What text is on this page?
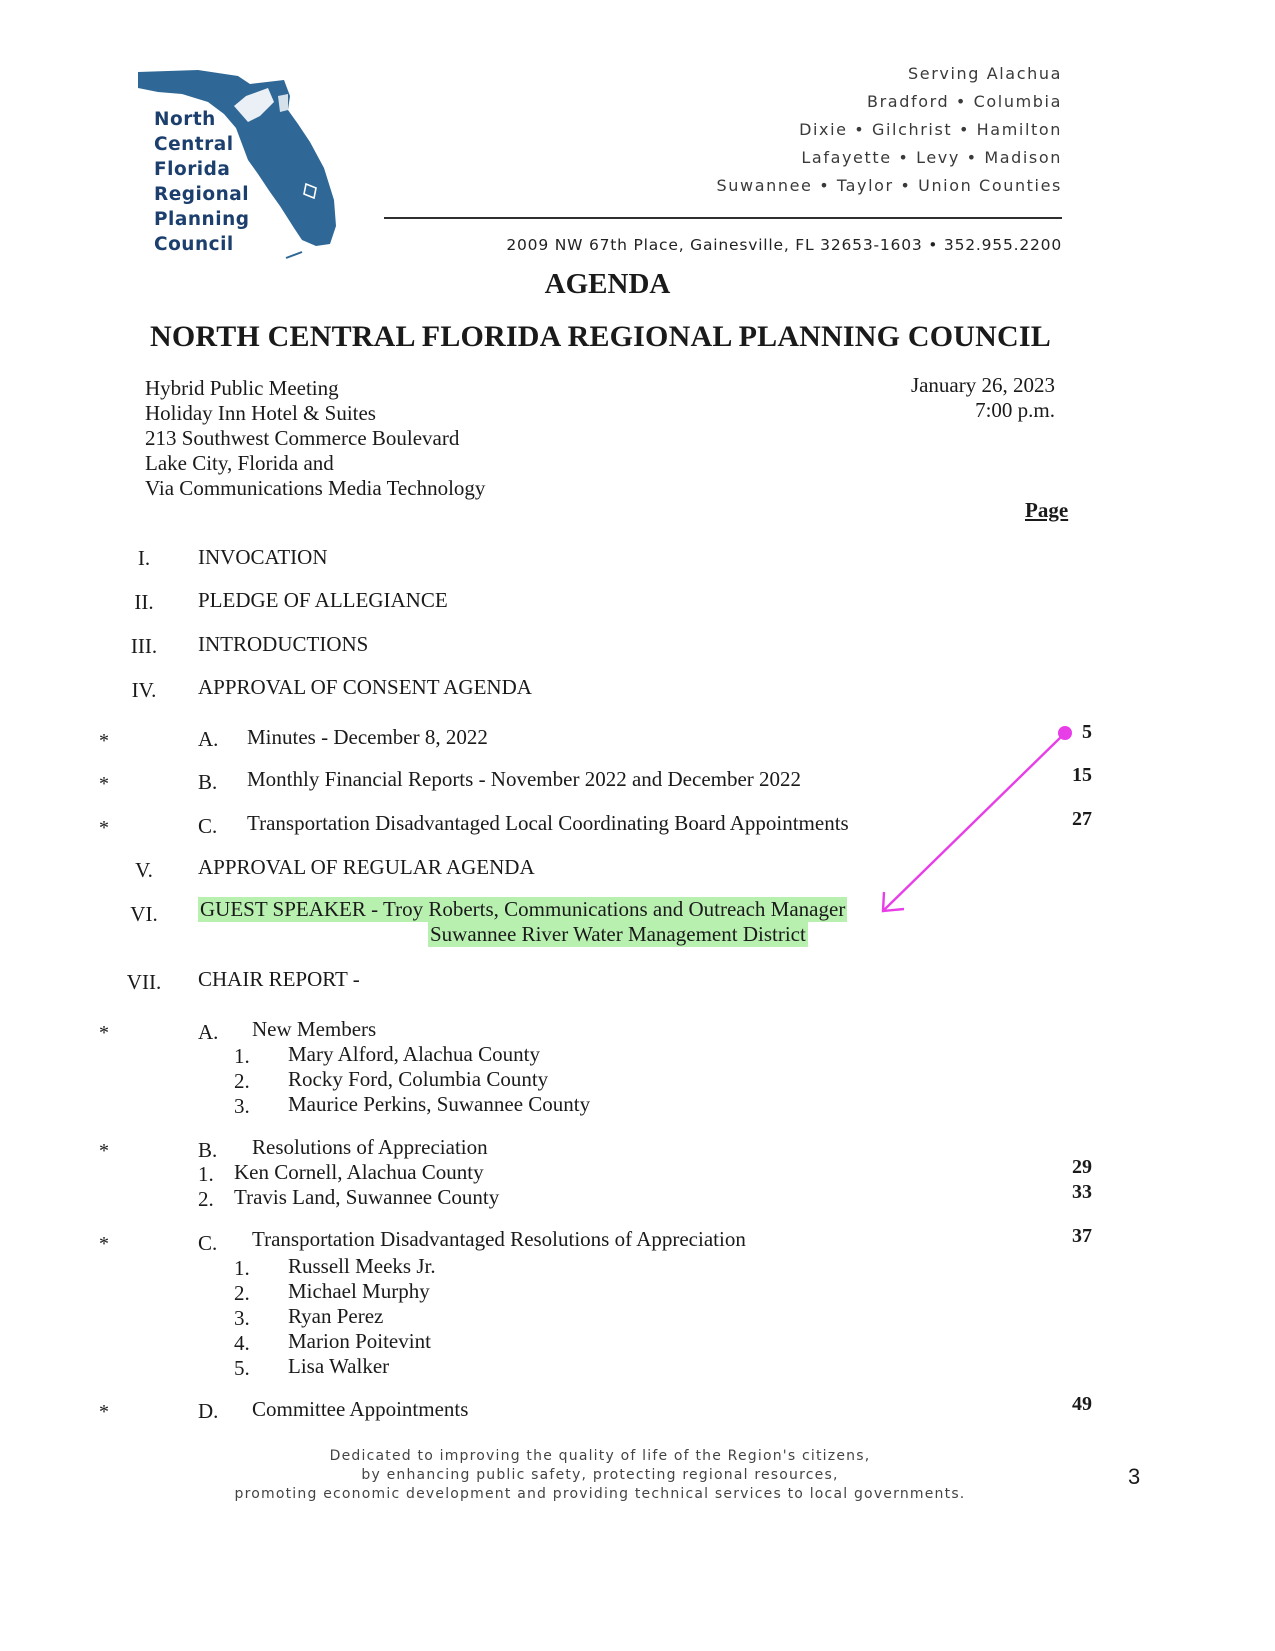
North
Central
Florida
Regional
Planning
Council
Serving Alachua
Bradford • Columbia
Dixie • Gilchrist • Hamilton
Lafayette • Levy • Madison
Suwannee • Taylor • Union Counties
2009 NW 67th Place, Gainesville, FL 32653-1603 • 352.955.2200
AGENDA
NORTH CENTRAL FLORIDA REGIONAL PLANNING COUNCIL
Hybrid Public Meeting
Holiday Inn Hotel & Suites
213 Southwest Commerce Boulevard
Lake City, Florida and
Via Communications Media Technology
January 26, 2023
7:00 p.m.
Page
I.	INVOCATION
II.	PLEDGE OF ALLEGIANCE
III.	INTRODUCTIONS
IV.	APPROVAL OF CONSENT AGENDA
*	A. Minutes - December 8, 2022	5
*	B. Monthly Financial Reports - November 2022 and December 2022	15
*	C. Transportation Disadvantaged Local Coordinating Board Appointments	27
V.	APPROVAL OF REGULAR AGENDA
VI.	GUEST SPEAKER - Troy Roberts, Communications and Outreach Manager
Suwannee River Water Management District
VII.	CHAIR REPORT -
*	A. New Members
1. Mary Alford, Alachua County
2. Rocky Ford, Columbia County
3. Maurice Perkins, Suwannee County
*	B. Resolutions of Appreciation
1. Ken Cornell, Alachua County	29
2. Travis Land, Suwannee County	33
*	C. Transportation Disadvantaged Resolutions of Appreciation	37
1. Russell Meeks Jr.
2. Michael Murphy
3. Ryan Perez
4. Marion Poitevint
5. Lisa Walker
*	D. Committee Appointments	49
Dedicated to improving the quality of life of the Region's citizens,
by enhancing public safety, protecting regional resources,
promoting economic development and providing technical services to local governments.
3
